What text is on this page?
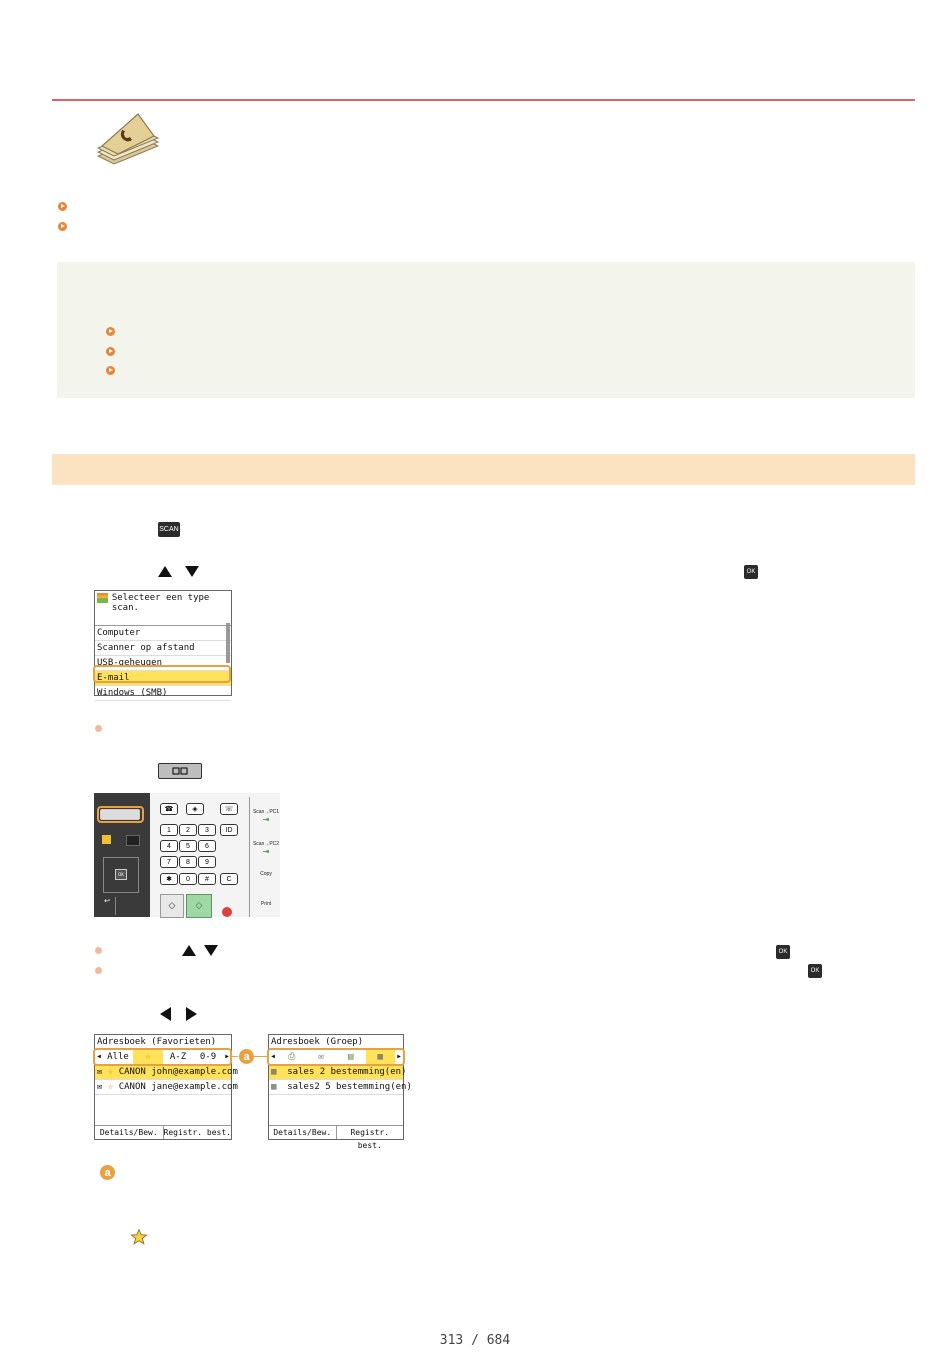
SCAN
OK
Selecteer een type scan.
Computer
Scanner op afstand
USB-geheugen
E-mail
Windows (SMB)
OK
↩
☎	◈	☏
1	2	3	ID
4	5	6
7	8	9
✱	0	#	C
◇	◇
Scan→PC1
⇥
Scan→PC2
⇥
Copy
Print
OK
OK
Adresboek (Favorieten)
◀ Alle	☆	A-Z	0-9	▶
✉ ☆ CANON john@example.com
✉ ☆ CANON jane@example.com
Details/Bew. Registr. best.
a
Adresboek (Groep)
◀	⎙	✉	▤	▦	▶
▦ sales 2 bestemming(en)
▦ sales2 5 bestemming(en)
Details/Bew.	Registr. best.
a
313 / 684
